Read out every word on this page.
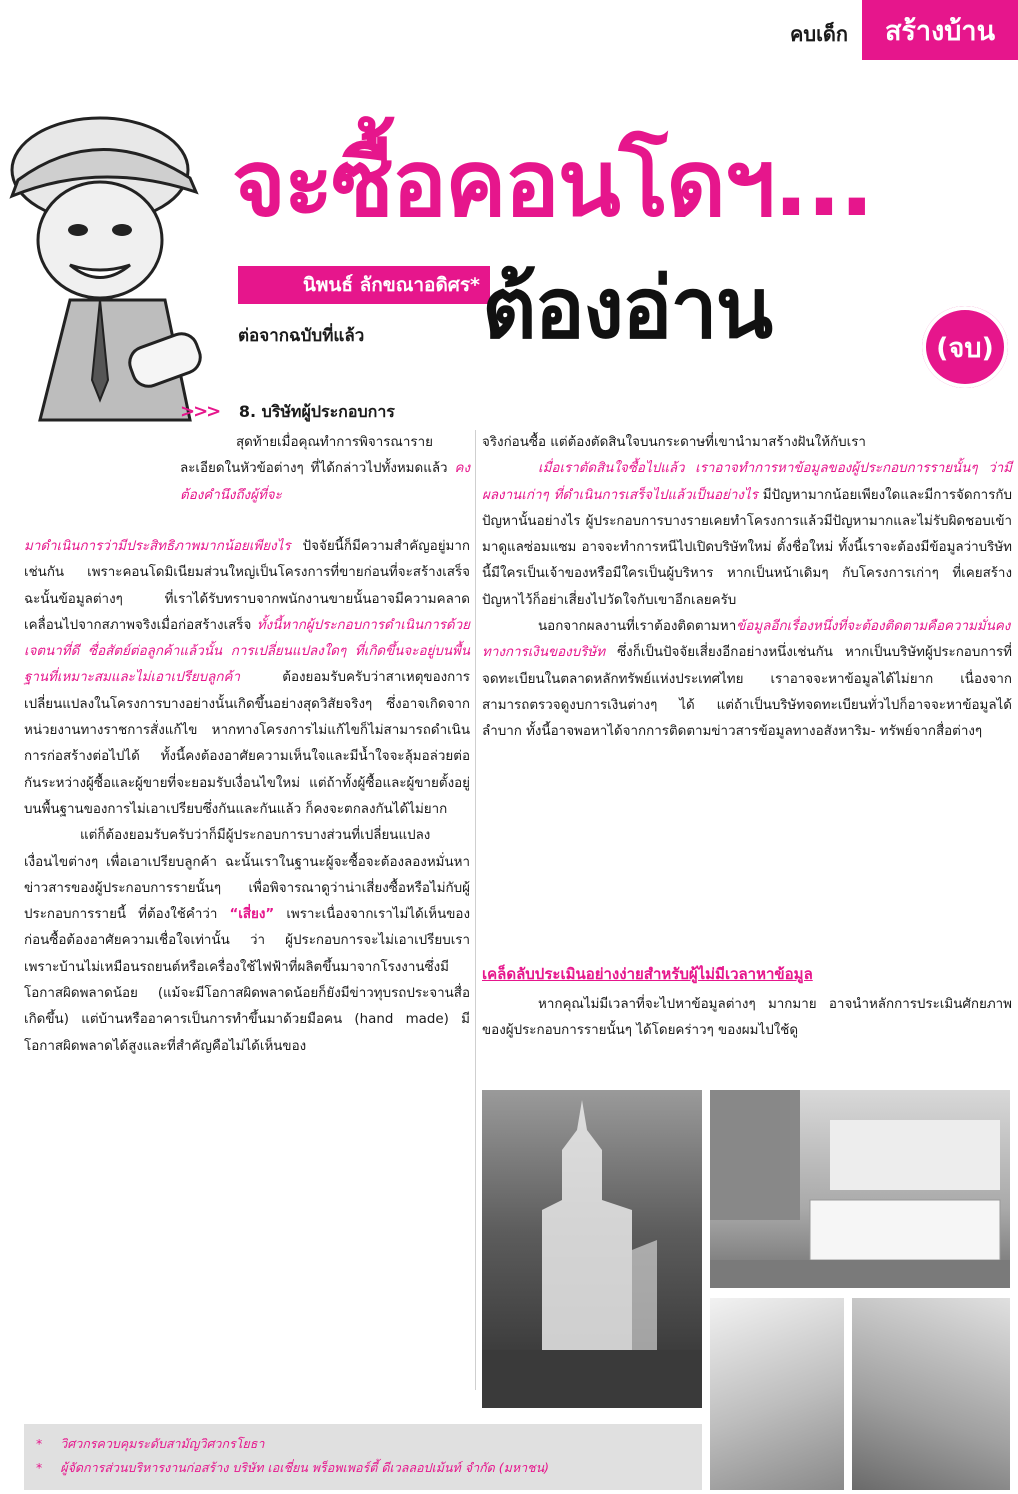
คบเด็ก	สร้างบ้าน
จะซื้อคอนโดฯ...
นิพนธ์ ลักขณาอดิศร* ต้องอ่าน	(จบ)
ต่อจากฉบับที่แล้ว
>>> 8. บริษัทผู้ประกอบการ

สุดท้ายเมื่อคุณทำการพิจารณารายละเอียดในหัวข้อต่างๆ ที่ได้กล่าวไปทั้งหมดแล้ว คงต้องคำนึงถึงผู้ที่จะ

มาดำเนินการว่ามีประสิทธิภาพมากน้อยเพียงไร ปัจจัยนี้ก็มีความสำคัญอยู่มากเช่นกัน เพราะคอนโดมิเนียมส่วนใหญ่เป็นโครงการที่ขายก่อนที่จะสร้างเสร็จ ฉะนั้นข้อมูลต่างๆ ที่เราได้รับทราบจากพนักงานขายนั้นอาจมีความคลาดเคลื่อนไปจากสภาพจริงเมื่อก่อสร้างเสร็จ ทั้งนี้หากผู้ประกอบการดำเนินการด้วยเจตนาที่ดี ซื่อสัตย์ต่อลูกค้าแล้วนั้น การเปลี่ยนแปลงใดๆ ที่เกิดขึ้นจะอยู่บนพื้นฐานที่เหมาะสมและไม่เอาเปรียบลูกค้า ต้องยอมรับครับว่าสาเหตุของการเปลี่ยนแปลงในโครงการบางอย่างนั้นเกิดขึ้นอย่างสุดวิสัยจริงๆ ซึ่งอาจเกิดจากหน่วยงานทางราชการสั่งแก้ไข หากทางโครงการไม่แก้ไขก็ไม่สามารถดำเนินการก่อสร้างต่อไปได้ ทั้งนี้คงต้องอาศัยความเห็นใจและมีน้ำใจจะลุ้มอล่วยต่อกันระหว่างผู้ซื้อและผู้ขายที่จะยอมรับเงื่อนไขใหม่ แต่ถ้าทั้งผู้ซื้อและผู้ขายตั้งอยู่บนพื้นฐานของการไม่เอาเปรียบซึ่งกันและกันแล้ว ก็คงจะตกลงกันได้ไม่ยาก

แต่ก็ต้องยอมรับครับว่าก็มีผู้ประกอบการบางส่วนที่เปลี่ยนแปลงเงื่อนไขต่างๆ เพื่อเอาเปรียบลูกค้า ฉะนั้นเราในฐานะผู้จะซื้อจะต้องลองหมั่นหาข่าวสารของผู้ประกอบการรายนั้นๆ เพื่อพิจารณาดูว่าน่าเสี่ยงซื้อหรือไม่กับผู้ประกอบการรายนี้ ที่ต้องใช้คำว่า “เสี่ยง” เพราะเนื่องจากเราไม่ได้เห็นของก่อนซื้อต้องอาศัยความเชื่อใจเท่านั้น ว่า ผู้ประกอบการจะไม่เอาเปรียบเรา เพราะบ้านไม่เหมือนรถยนต์หรือเครื่องใช้ไฟฟ้าที่ผลิตขึ้นมาจากโรงงานซึ่งมีโอกาสผิดพลาดน้อย (แม้จะมีโอกาสผิดพลาดน้อยก็ยังมีข่าวทุบรถประจานสื่อเกิดขึ้น) แต่บ้านหรืออาคารเป็นการทำขึ้นมาด้วยมือคน (hand made) มีโอกาสผิดพลาดได้สูงและที่สำคัญคือไม่ได้เห็นของ

จริงก่อนซื้อ แต่ต้องตัดสินใจบนกระดาษที่เขานำมาสร้างฝันให้กับเรา

เมื่อเราตัดสินใจซื้อไปแล้ว เราอาจทำการหาข้อมูลของผู้ประกอบการรายนั้นๆ ว่ามีผลงานเก่าๆ ที่ดำเนินการเสร็จไปแล้วเป็นอย่างไร มีปัญหามากน้อยเพียงใดและมีการจัดการกับปัญหานั้นอย่างไร ผู้ประกอบการบางรายเคยทำโครงการแล้วมีปัญหามากและไม่รับผิดชอบเข้ามาดูแลซ่อมแซม อาจจะทำการหนีไปเปิดบริษัทใหม่ ตั้งชื่อใหม่ ทั้งนี้เราจะต้องมีข้อมูลว่าบริษัทนี้มีใครเป็นเจ้าของหรือมีใครเป็นผู้บริหาร หากเป็นหน้าเดิมๆ กับโครงการเก่าๆ ที่เคยสร้างปัญหาไว้ก็อย่าเสี่ยงไปวัดใจกับเขาอีกเลยครับ

นอกจากผลงานที่เราต้องติดตามหาข้อมูลอีกเรื่องหนึ่งที่จะต้องติดตามคือความมั่นคงทางการเงินของบริษัท ซึ่งก็เป็นปัจจัยเสี่ยงอีกอย่างหนึ่งเช่นกัน หากเป็นบริษัทผู้ประกอบการที่จดทะเบียนในตลาดหลักทรัพย์แห่งประเทศไทย เราอาจจะหาข้อมูลได้ไม่ยาก เนื่องจากสามารถตรวจดูงบการเงินต่างๆ ได้ แต่ถ้าเป็นบริษัทจดทะเบียนทั่วไปก็อาจจะหาข้อมูลได้ลำบาก ทั้งนี้อาจพอหาได้จากการติดตามข่าวสารข้อมูลทางอสังหาริม- ทรัพย์จากสื่อต่างๆ

เคล็ดลับประเมินอย่างง่ายสำหรับผู้ไม่มีเวลาหาข้อมูล

หากคุณไม่มีเวลาที่จะไปหาข้อมูลต่างๆ มากมาย อาจนำหลักการประเมินศักยภาพของผู้ประกอบการรายนั้นๆ ได้โดยคร่าวๆ ของผมไปใช้ดู

* วิศวกรควบคุมระดับสามัญวิศวกรโยธา
* ผู้จัดการส่วนบริหารงานก่อสร้าง บริษัท เอเชี่ยน พร็อพเพอร์ตี้ ดีเวลลอปเม้นท์ จำกัด (มหาชน)
